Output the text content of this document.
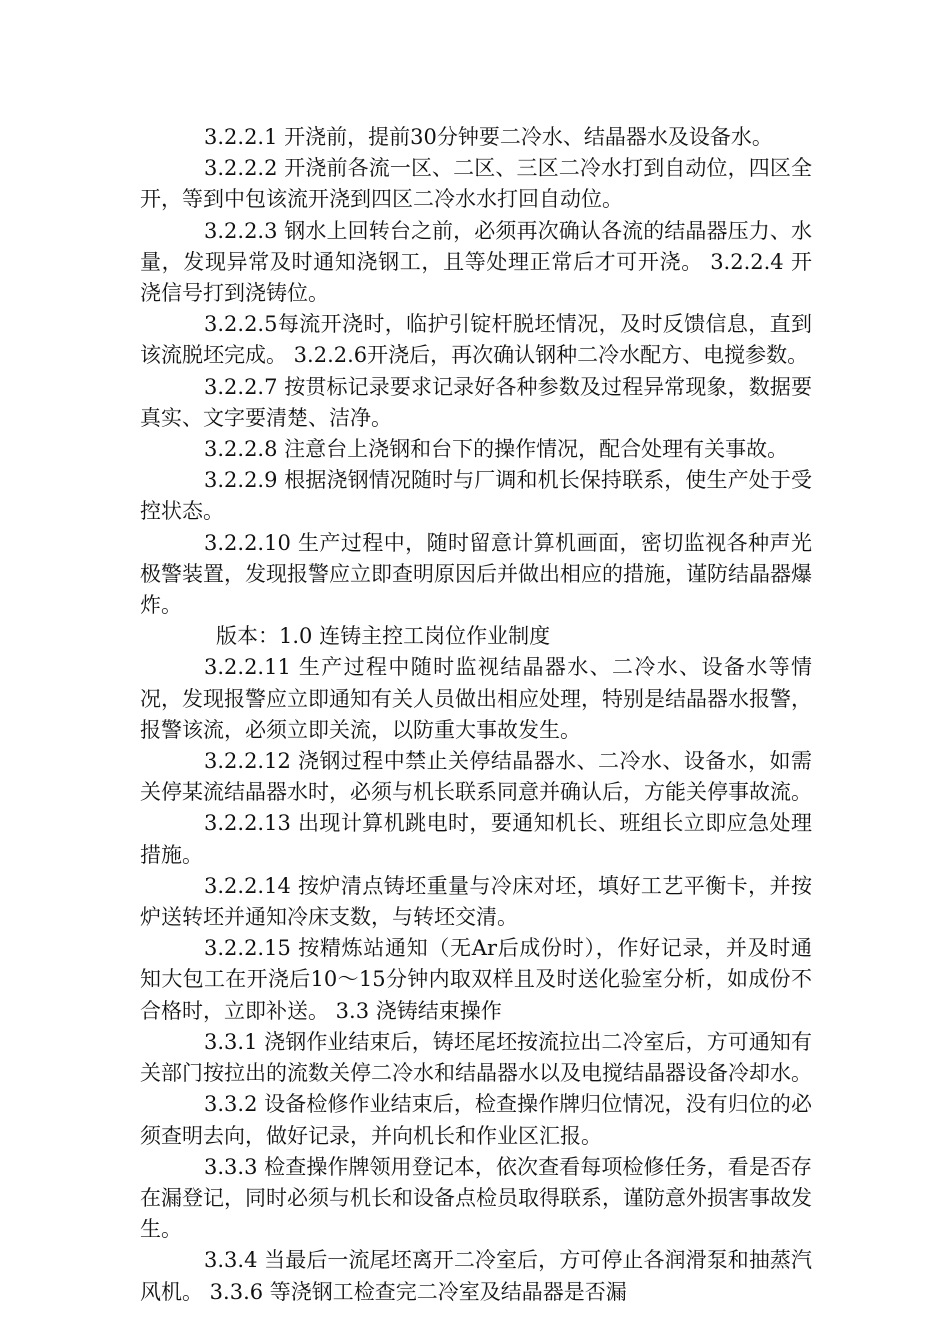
3.2.2.1 开浇前，提前30分钟要二冷水、结晶器水及设备水。

3.2.2.2 开浇前各流一区、二区、三区二冷水打到自动位，四区全开，等到中包该流开浇到四区二冷水水打回自动位。

3.2.2.3 钢水上回转台之前，必须再次确认各流的结晶器压力、水量，发现异常及时通知浇钢工，且等处理正常后才可开浇。 3.2.2.4 开浇信号打到浇铸位。

3.2.2.5每流开浇时，临护引锭杆脱坯情况，及时反馈信息，直到该流脱坯完成。 3.2.2.6开浇后，再次确认钢种二冷水配方、电搅参数。

3.2.2.7 按贯标记录要求记录好各种参数及过程异常现象，数据要真实、文字要清楚、洁净。

3.2.2.8 注意台上浇钢和台下的操作情况，配合处理有关事故。

3.2.2.9 根据浇钢情况随时与厂调和机长保持联系，使生产处于受控状态。

3.2.2.10 生产过程中，随时留意计算机画面，密切监视各种声光极警装置，发现报警应立即查明原因后并做出相应的措施，谨防结晶器爆炸。

版本：1.0 连铸主控工岗位作业制度

3.2.2.11 生产过程中随时监视结晶器水、二冷水、设备水等情况，发现报警应立即通知有关人员做出相应处理，特别是结晶器水报警，报警该流，必须立即关流，以防重大事故发生。

3.2.2.12 浇钢过程中禁止关停结晶器水、二冷水、设备水，如需关停某流结晶器水时，必须与机长联系同意并确认后，方能关停事故流。

3.2.2.13 出现计算机跳电时，要通知机长、班组长立即应急处理措施。

3.2.2.14 按炉清点铸坯重量与冷床对坯，填好工艺平衡卡，并按炉送转坯并通知冷床支数，与转坯交清。

3.2.2.15 按精炼站通知（无Ar后成份时），作好记录，并及时通知大包工在开浇后10～15分钟内取双样且及时送化验室分析，如成份不合格时，立即补送。 3.3 浇铸结束操作

3.3.1 浇钢作业结束后，铸坯尾坯按流拉出二冷室后，方可通知有关部门按拉出的流数关停二冷水和结晶器水以及电搅结晶器设备冷却水。

3.3.2 设备检修作业结束后，检查操作牌归位情况，没有归位的必须查明去向，做好记录，并向机长和作业区汇报。

3.3.3 检查操作牌领用登记本，依次查看每项检修任务，看是否存在漏登记，同时必须与机长和设备点检员取得联系，谨防意外损害事故发生。

3.3.4 当最后一流尾坯离开二冷室后，方可停止各润滑泵和抽蒸汽风机。 3.3.6 等浇钢工检查完二冷室及结晶器是否漏
